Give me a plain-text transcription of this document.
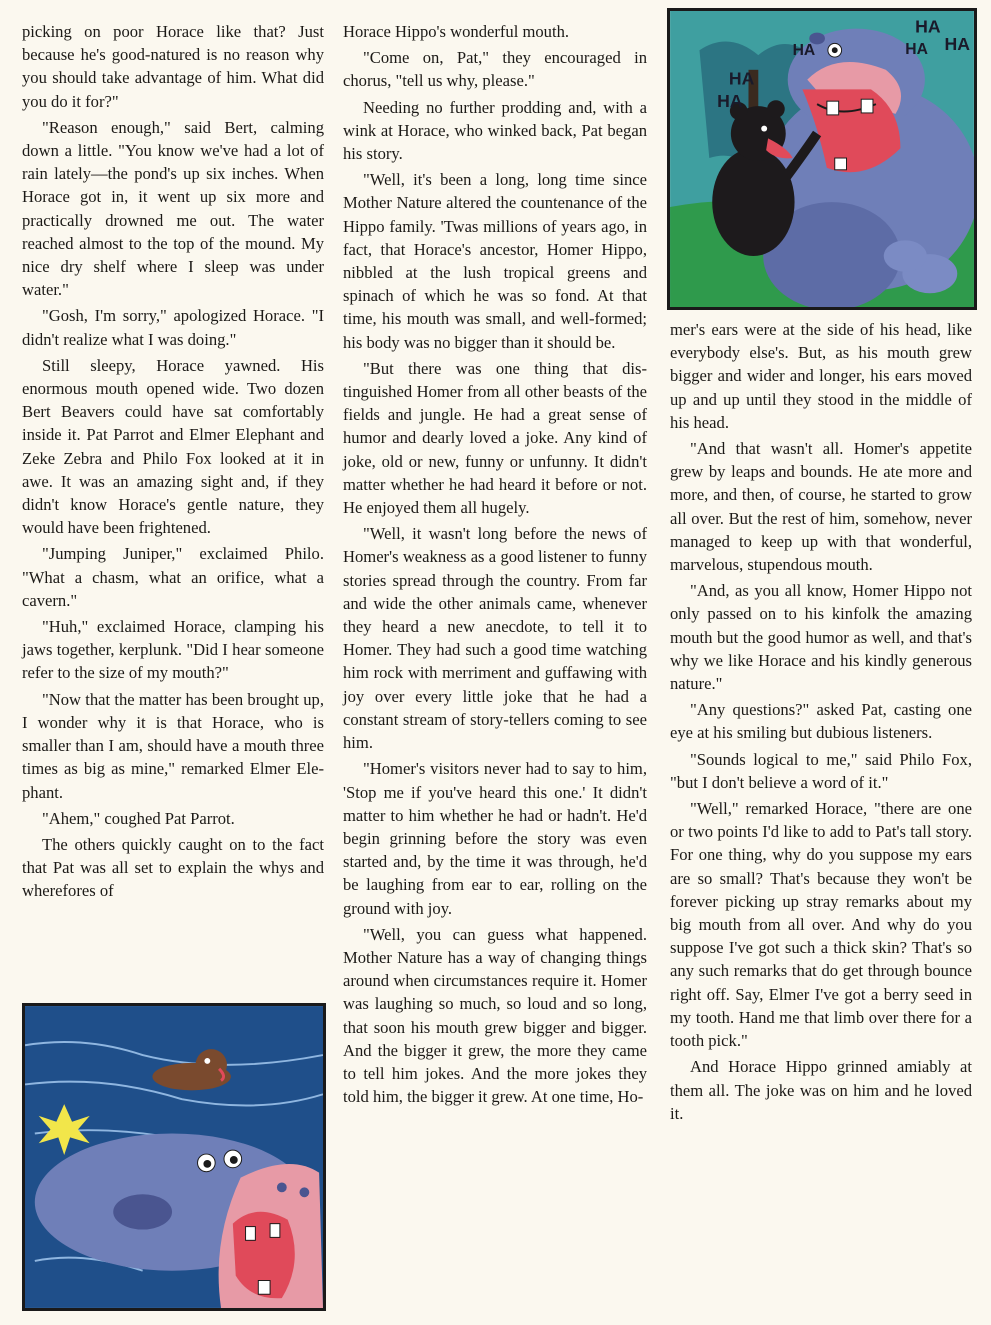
picking on poor Horace like that? Just because he's good-natured is no reason why you should take advantage of him. What did you do it for?"

"Reason enough," said Bert, calming down a little. "You know we've had a lot of rain lately—the pond's up six inches. When Horace got in, it went up six more and practically drowned me out. The water reached almost to the top of the mound. My nice dry shelf where I sleep was under water."

"Gosh, I'm sorry," apologized Horace. "I didn't realize what I was doing."

Still sleepy, Horace yawned. His enormous mouth opened wide. Two dozen Bert Beavers could have sat comfortably inside it. Pat Parrot and Elmer Elephant and Zeke Zebra and Philo Fox looked at it in awe. It was an amazing sight and, if they didn't know Horace's gentle nature, they would have been frightened.

"Jumping Juniper," exclaimed Philo. "What a chasm, what an orifice, what a cavern."

"Huh," exclaimed Horace, clamping his jaws together, kerplunk. "Did I hear someone refer to the size of my mouth?"

"Now that the matter has been brought up, I wonder why it is that Horace, who is smaller than I am, should have a mouth three times as big as mine," remarked Elmer Elephant.

"Ahem," coughed Pat Parrot.

The others quickly caught on to the fact that Pat was all set to explain the whys and wherefores of

Horace Hippo's wonderful mouth.

"Come on, Pat," they encouraged in chorus, "tell us why, please."

Needing no further prodding and, with a wink at Horace, who winked back, Pat began his story.

"Well, it's been a long, long time since Mother Nature altered the countenance of the Hippo family. 'Twas millions of years ago, in fact, that Horace's ancestor, Homer Hippo, nibbled at the lush tropical greens and spinach of which he was so fond. At that time, his mouth was small, and well-formed; his body was no bigger than it should be.

"But there was one thing that distinguished Homer from all other beasts of the fields and jungle. He had a great sense of humor and dearly loved a joke. Any kind of joke, old or new, funny or unfunny. It didn't matter whether he had heard it before or not. He enjoyed them all hugely.

"Well, it wasn't long before the news of Homer's weakness as a good listener to funny stories spread through the country. From far and wide the other animals came, whenever they heard a new anecdote, to tell it to Homer. They had such a good time watching him rock with merriment and guffawing with joy over every little joke that he had a constant stream of story-tellers coming to see him.

"Homer's visitors never had to say to him, 'Stop me if you've heard this one.' It didn't matter to him whether he had or hadn't. He'd begin grinning before the story was even started and, by the time it was through, he'd be laughing from ear to ear, rolling on the ground with joy.

"Well, you can guess what happened. Mother Nature has a way of changing things around when circumstances require it. Homer was laughing so much, so loud and so long, that soon his mouth grew bigger and bigger. And the bigger it grew, the more they came to tell him jokes. And the more jokes they told him, the bigger it grew. At one time, Ho-

mer's ears were at the side of his head, like everybody else's. But, as his mouth grew bigger and wider and longer, his ears moved up and up until they stood in the middle of his head.

"And that wasn't all. Homer's appetite grew by leaps and bounds. He ate more and more, and then, of course, he started to grow all over. But the rest of him, somehow, never managed to keep up with that wonderful, marvelous, stupendous mouth.

"And, as you all know, Homer Hippo not only passed on to his kinfolk the amazing mouth but the good humor as well, and that's why we like Horace and his kindly generous nature."

"Any questions?" asked Pat, casting one eye at his smiling but dubious listeners.

"Sounds logical to me," said Philo Fox, "but I don't believe a word of it."

"Well," remarked Horace, "there are one or two points I'd like to add to Pat's tall story. For one thing, why do you suppose my ears are so small? That's because they won't be forever picking up stray remarks about my big mouth from all over. And why do you suppose I've got such a thick skin? That's so any such remarks that do get through bounce right off. Say, Elmer I've got a berry seed in my tooth. Hand me that limb over there for a tooth pick."

And Horace Hippo grinned amiably at them all. The joke was on him and he loved it.

HA
HA
HA
HA
HA
HA
